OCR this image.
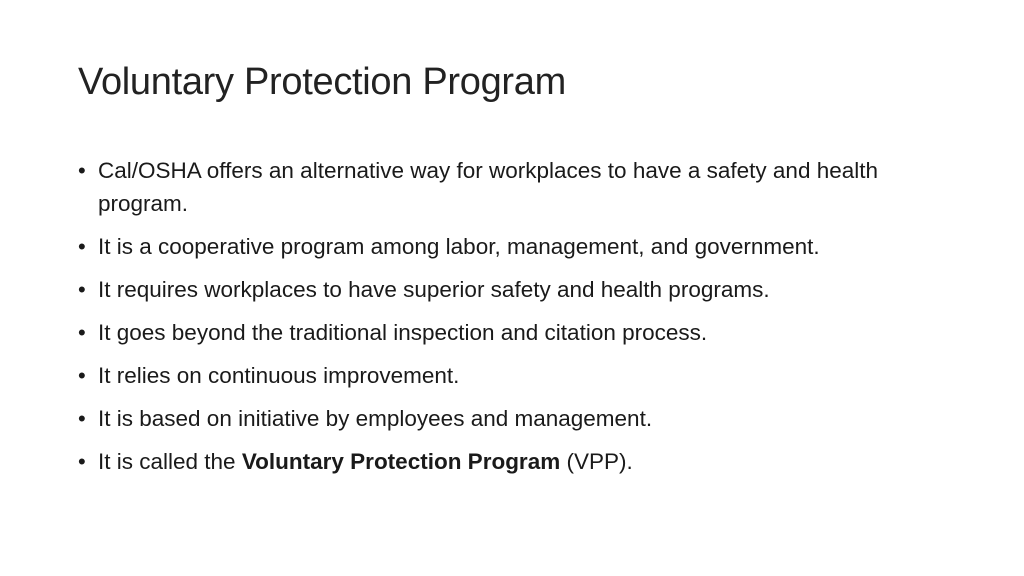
Voluntary Protection Program
• Cal/OSHA offers an alternative way for workplaces to have a safety and health program.
• It is a cooperative program among labor, management, and government.
• It requires workplaces to have superior safety and health programs.
• It goes beyond the traditional inspection and citation process.
• It relies on continuous improvement.
• It is based on initiative by employees and management.
• It is called the Voluntary Protection Program (VPP).
